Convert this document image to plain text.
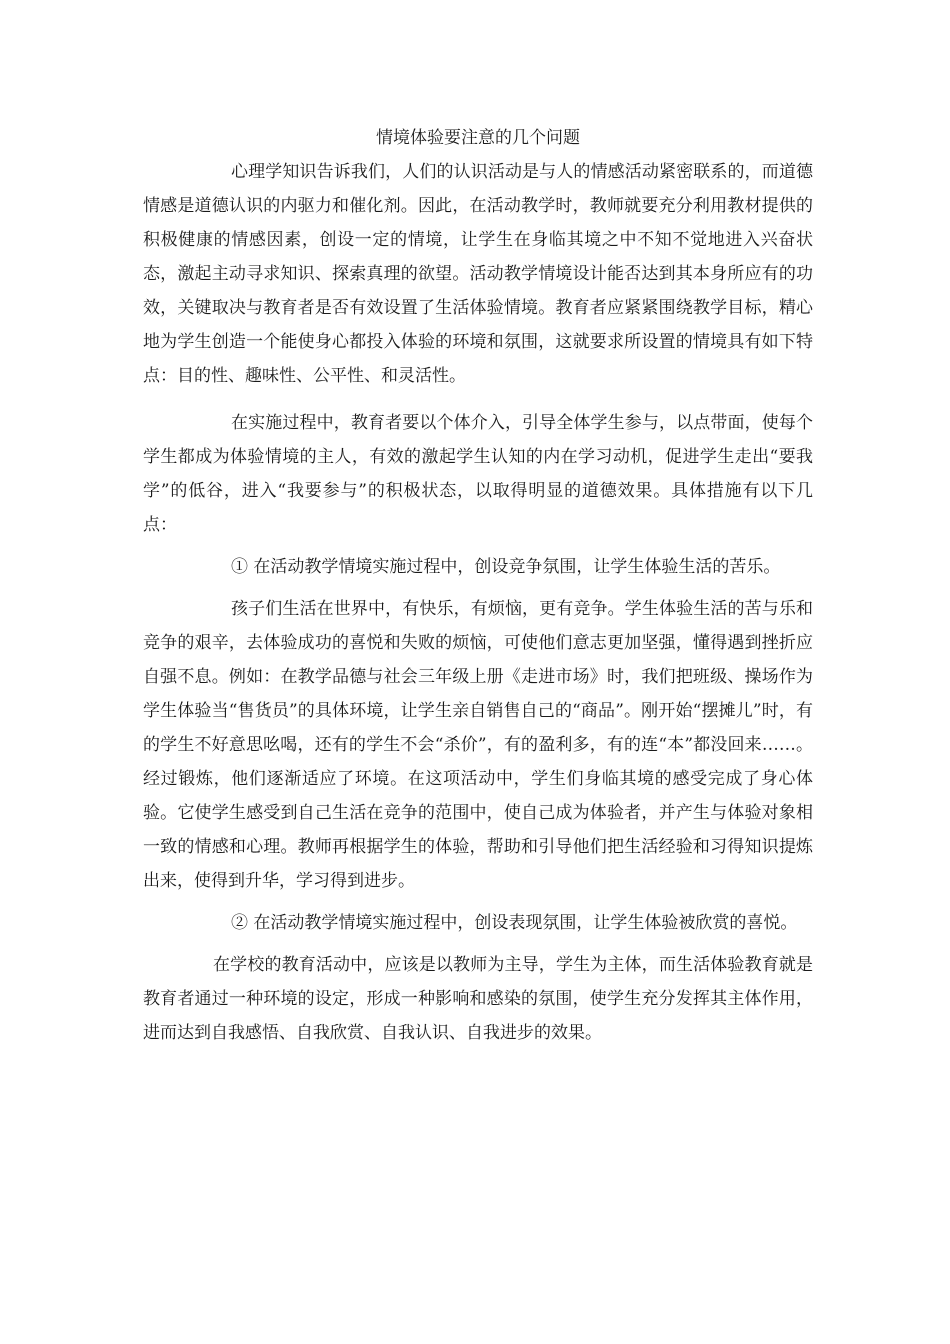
情境体验要注意的几个问题

心理学知识告诉我们，人们的认识活动是与人的情感活动紧密联系的，而道德情感是道德认识的内驱力和催化剂。因此，在活动教学时，教师就要充分利用教材提供的积极健康的情感因素，创设一定的情境，让学生在身临其境之中不知不觉地进入兴奋状态，激起主动寻求知识、探索真理的欲望。活动教学情境设计能否达到其本身所应有的功效，关键取决与教育者是否有效设置了生活体验情境。教育者应紧紧围绕教学目标，精心地为学生创造一个能使身心都投入体验的环境和氛围，这就要求所设置的情境具有如下特点：目的性、趣味性、公平性、和灵活性。

在实施过程中，教育者要以个体介入，引导全体学生参与，以点带面，使每个学生都成为体验情境的主人，有效的激起学生认知的内在学习动机，促进学生走出“要我学”的低谷，进入“我要参与”的积极状态，以取得明显的道德效果。具体措施有以下几点：

① 在活动教学情境实施过程中，创设竞争氛围，让学生体验生活的苦乐。

孩子们生活在世界中，有快乐，有烦恼，更有竞争。学生体验生活的苦与乐和竞争的艰辛，去体验成功的喜悦和失败的烦恼，可使他们意志更加坚强，懂得遇到挫折应自强不息。例如：在教学品德与社会三年级上册《走进市场》时，我们把班级、操场作为学生体验当“售货员”的具体环境，让学生亲自销售自己的“商品”。刚开始“摆摊儿”时，有的学生不好意思吆喝，还有的学生不会“杀价”，有的盈利多，有的连“本”都没回来……。经过锻炼，他们逐渐适应了环境。在这项活动中，学生们身临其境的感受完成了身心体验。它使学生感受到自己生活在竞争的范围中，使自己成为体验者，并产生与体验对象相一致的情感和心理。教师再根据学生的体验，帮助和引导他们把生活经验和习得知识提炼出来，使得到升华，学习得到进步。

② 在活动教学情境实施过程中，创设表现氛围，让学生体验被欣赏的喜悦。

在学校的教育活动中，应该是以教师为主导，学生为主体，而生活体验教育就是教育者通过一种环境的设定，形成一种影响和感染的氛围，使学生充分发挥其主体作用，进而达到自我感悟、自我欣赏、自我认识、自我进步的效果。
